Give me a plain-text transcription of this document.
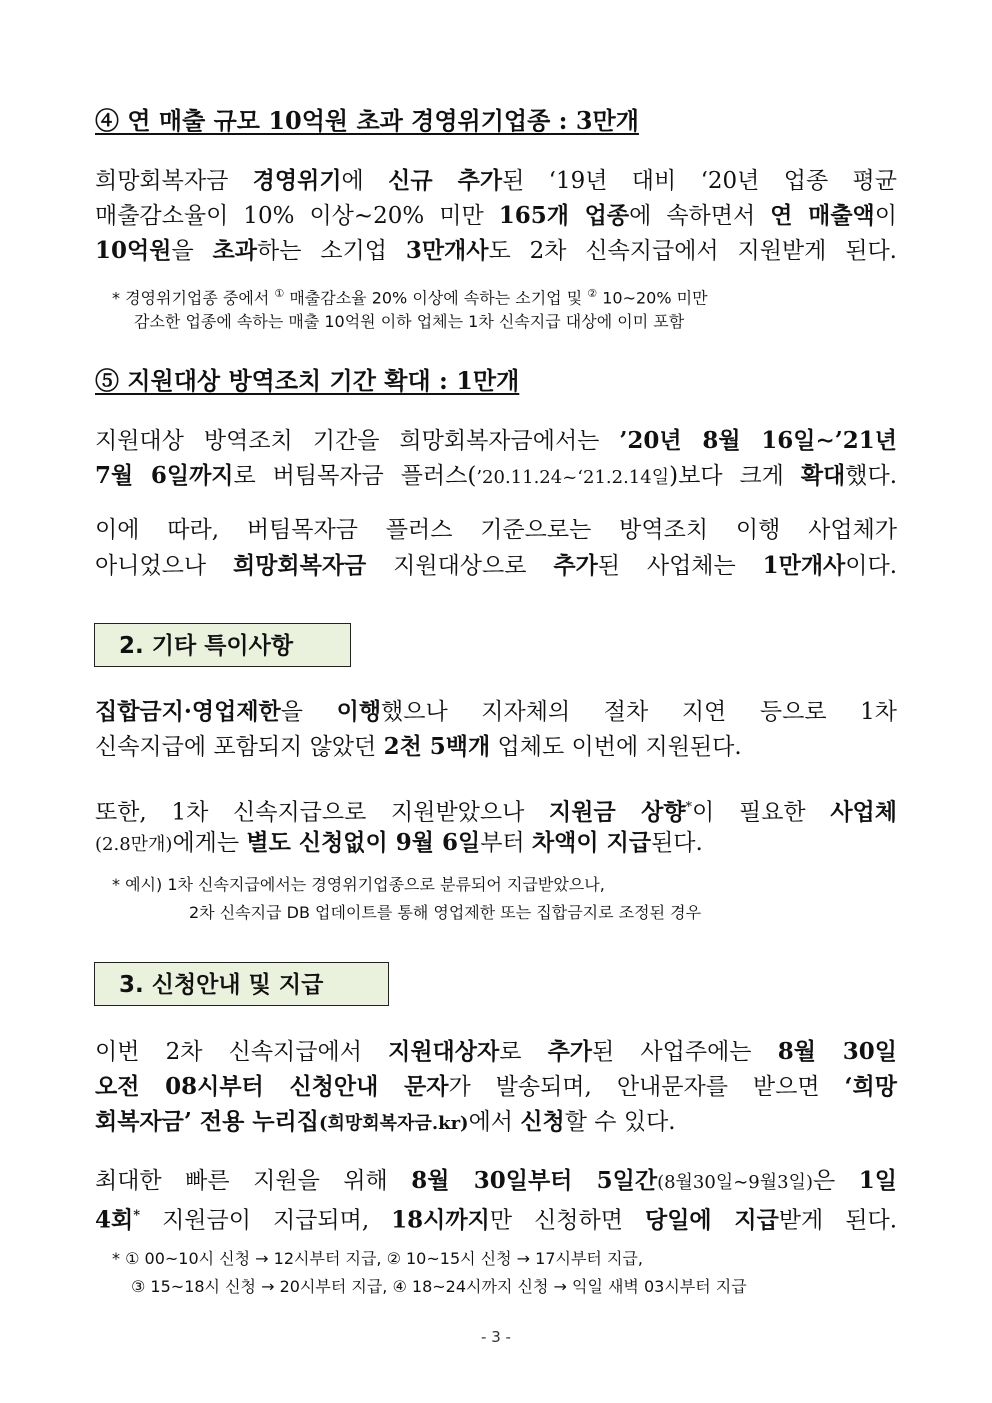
④ 연 매출 규모 10억원 초과 경영위기업종 : 3만개
희망회복자금 경영위기에 신규 추가된 ‘19년 대비 ‘20년 업종 평균
매출감소율이 10% 이상∼20% 미만 165개 업종에 속하면서 연 매출액이
10억원을 초과하는 소기업 3만개사도 2차 신속지급에서 지원받게 된다.
* 경영위기업종 중에서 ① 매출감소율 20% 이상에 속하는 소기업 및 ② 10~20% 미만
감소한 업종에 속하는 매출 10억원 이하 업체는 1차 신속지급 대상에 이미 포함
⑤ 지원대상 방역조치 기간 확대 : 1만개
지원대상 방역조치 기간을 희망회복자금에서는 ’20년 8월 16일∼’21년
7월 6일까지로 버팀목자금 플러스(’20.11.24~‘21.2.14일)보다 크게 확대했다.
이에 따라, 버팀목자금 플러스 기준으로는 방역조치 이행 사업체가
아니었으나 희망회복자금 지원대상으로 추가된 사업체는 1만개사이다.
2. 기타 특이사항
집합금지·영업제한을 이행했으나 지자체의 절차 지연 등으로 1차
신속지급에 포함되지 않았던 2천 5백개 업체도 이번에 지원된다.
또한, 1차 신속지급으로 지원받았으나 지원금 상향*이 필요한 사업체
(2.8만개)에게는 별도 신청없이 9월 6일부터 차액이 지급된다.
* 예시) 1차 신속지급에서는 경영위기업종으로 분류되어 지급받았으나,
2차 신속지급 DB 업데이트를 통해 영업제한 또는 집합금지로 조정된 경우
3. 신청안내 및 지급
이번 2차 신속지급에서 지원대상자로 추가된 사업주에는 8월 30일
오전 08시부터 신청안내 문자가 발송되며, 안내문자를 받으면 ‘희망
회복자금’ 전용 누리집(희망회복자금.kr)에서 신청할 수 있다.
최대한 빠른 지원을 위해 8월 30일부터 5일간(8월30일∼9월3일)은 1일
4회* 지원금이 지급되며, 18시까지만 신청하면 당일에 지급받게 된다.
* ① 00~10시 신청 → 12시부터 지급, ② 10~15시 신청 → 17시부터 지급,
③ 15~18시 신청 → 20시부터 지급, ④ 18~24시까지 신청 → 익일 새벽 03시부터 지급
- 3 -
